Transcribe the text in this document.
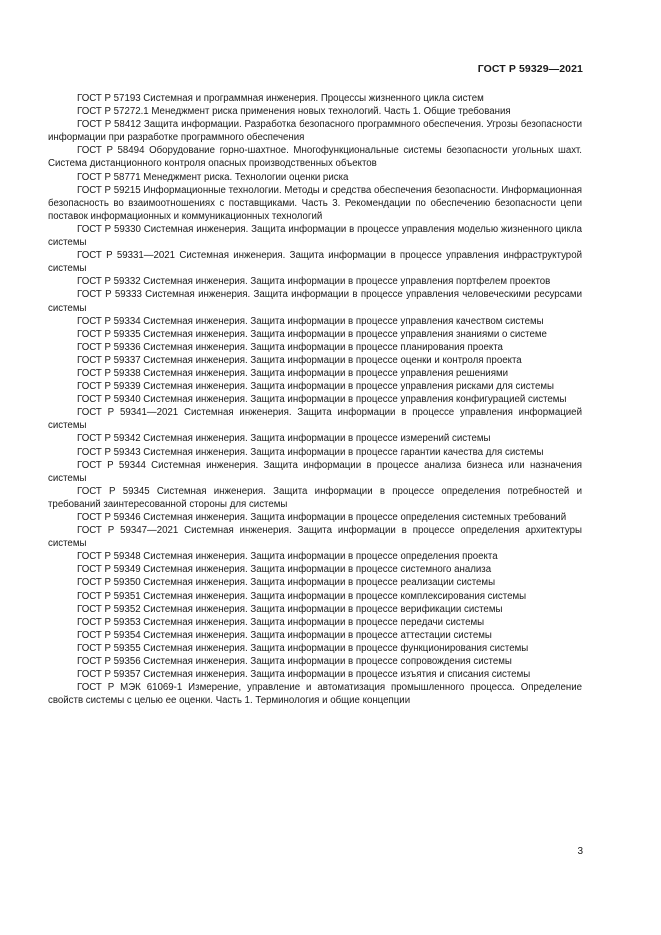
ГОСТ Р 59329—2021

ГОСТ Р 57193 Системная и программная инженерия. Процессы жизненного цикла систем

ГОСТ Р 57272.1 Менеджмент риска применения новых технологий. Часть 1. Общие требования

ГОСТ Р 58412 Защита информации. Разработка безопасного программного обеспечения. Угрозы безопасности информации при разработке программного обеспечения

ГОСТ Р 58494 Оборудование горно-шахтное. Многофункциональные системы безопасности угольных шахт. Система дистанционного контроля опасных производственных объектов

ГОСТ Р 58771 Менеджмент риска. Технологии оценки риска

ГОСТ Р 59215 Информационные технологии. Методы и средства обеспечения безопасности. Информационная безопасность во взаимоотношениях с поставщиками. Часть 3. Рекомендации по обеспечению безопасности цепи поставок информационных и коммуникационных технологий

ГОСТ Р 59330 Системная инженерия. Защита информации в процессе управления моделью жизненного цикла системы

ГОСТ Р 59331—2021 Системная инженерия. Защита информации в процессе управления инфраструктурой системы

ГОСТ Р 59332 Системная инженерия. Защита информации в процессе управления портфелем проектов

ГОСТ Р 59333 Системная инженерия. Защита информации в процессе управления человеческими ресурсами системы

ГОСТ Р 59334 Системная инженерия. Защита информации в процессе управления качеством системы

ГОСТ Р 59335 Системная инженерия. Защита информации в процессе управления знаниями о системе

ГОСТ Р 59336 Системная инженерия. Защита информации в процессе планирования проекта

ГОСТ Р 59337 Системная инженерия. Защита информации в процессе оценки и контроля проекта

ГОСТ Р 59338 Системная инженерия. Защита информации в процессе управления решениями

ГОСТ Р 59339 Системная инженерия. Защита информации в процессе управления рисками для системы

ГОСТ Р 59340 Системная инженерия. Защита информации в процессе управления конфигурацией системы

ГОСТ Р 59341—2021 Системная инженерия. Защита информации в процессе управления информацией системы

ГОСТ Р 59342 Системная инженерия. Защита информации в процессе измерений системы

ГОСТ Р 59343 Системная инженерия. Защита информации в процессе гарантии качества для системы

ГОСТ Р 59344 Системная инженерия. Защита информации в процессе анализа бизнеса или назначения системы

ГОСТ Р 59345 Системная инженерия. Защита информации в процессе определения потребностей и требований заинтересованной стороны для системы

ГОСТ Р 59346 Системная инженерия. Защита информации в процессе определения системных требований

ГОСТ Р 59347—2021 Системная инженерия. Защита информации в процессе определения архитектуры системы

ГОСТ Р 59348 Системная инженерия. Защита информации в процессе определения проекта

ГОСТ Р 59349 Системная инженерия. Защита информации в процессе системного анализа

ГОСТ Р 59350 Системная инженерия. Защита информации в процессе реализации системы

ГОСТ Р 59351 Системная инженерия. Защита информации в процессе комплексирования системы

ГОСТ Р 59352 Системная инженерия. Защита информации в процессе верификации системы

ГОСТ Р 59353 Системная инженерия. Защита информации в процессе передачи системы

ГОСТ Р 59354 Системная инженерия. Защита информации в процессе аттестации системы

ГОСТ Р 59355 Системная инженерия. Защита информации в процессе функционирования системы

ГОСТ Р 59356 Системная инженерия. Защита информации в процессе сопровождения системы

ГОСТ Р 59357 Системная инженерия. Защита информации в процессе изъятия и списания системы

ГОСТ Р МЭК 61069-1 Измерение, управление и автоматизация промышленного процесса. Определение свойств системы с целью ее оценки. Часть 1. Терминология и общие концепции

3
